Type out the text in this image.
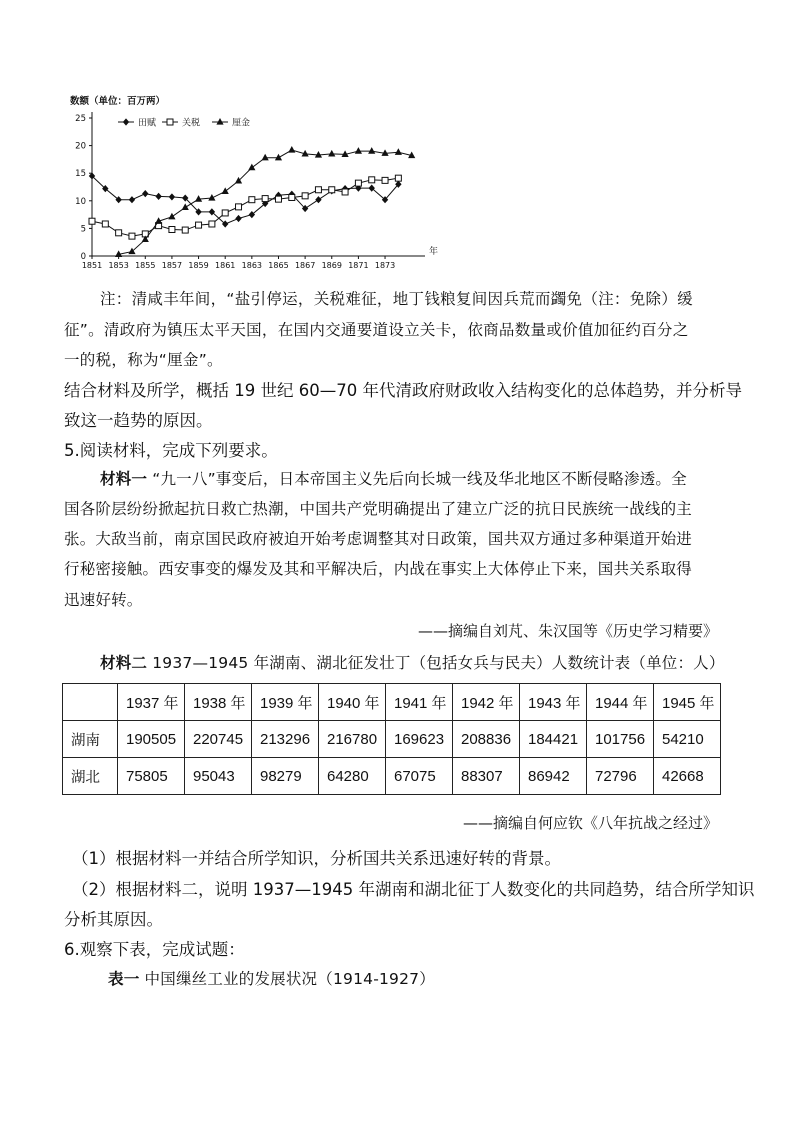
数额（单位：百万两）
年
0
5
10
15
20
25
1851 1853 1855 1857 1859 1861 1863 1865 1867 1869 1871 1873
田赋	关税	厘金

注：清咸丰年间，“盐引停运，关税难征，地丁钱粮复间因兵荒而蠲免（注：免除）缓

征”。清政府为镇压太平天国，在国内交通要道设立关卡，依商品数量或价值加征约百分之

一的税，称为“厘金”。

结合材料及所学，概括 19 世纪 60—70 年代清政府财政收入结构变化的总体趋势，并分析导

致这一趋势的原因。

5.阅读材料，完成下列要求。

材料一 “九一八”事变后，日本帝国主义先后向长城一线及华北地区不断侵略渗透。全

国各阶层纷纷掀起抗日救亡热潮，中国共产党明确提出了建立广泛的抗日民族统一战线的主

张。大敌当前，南京国民政府被迫开始考虑调整其对日政策，国共双方通过多种渠道开始进

行秘密接触。西安事变的爆发及其和平解决后，内战在事实上大体停止下来，国共关系取得

迅速好转。

——摘编自刘芃、朱汉国等《历史学习精要》

材料二 1937—1945 年湖南、湖北征发壮丁（包括女兵与民夫）人数统计表（单位：人）

	1937 年	1938 年	1939 年	1940 年	1941 年	1942 年	1943 年	1944 年	1945 年
湖南	190505	220745	213296	216780	169623	208836	184421	101756	54210
湖北	75805	95043	98279	64280	67075	88307	86942	72796	42668

——摘编自何应钦《八年抗战之经过》

（1）根据材料一并结合所学知识，分析国共关系迅速好转的背景。

（2）根据材料二，说明 1937—1945 年湖南和湖北征丁人数变化的共同趋势，结合所学知识

分析其原因。

6.观察下表，完成试题：

表一 中国缫丝工业的发展状况（1914-1927）
